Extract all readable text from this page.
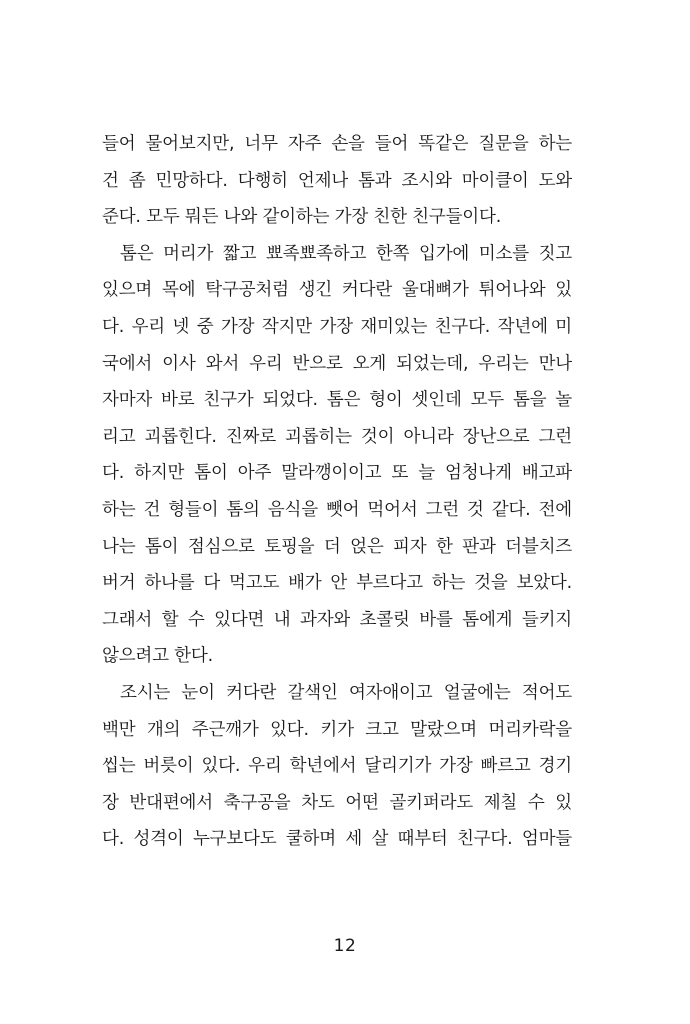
들어 물어보지만, 너무 자주 손을 들어 똑같은 질문을 하는
건 좀 민망하다. 다행히 언제나 톰과 조시와 마이클이 도와
준다. 모두 뭐든 나와 같이하는 가장 친한 친구들이다.
톰은 머리가 짧고 뾰족뾰족하고 한쪽 입가에 미소를 짓고
있으며 목에 탁구공처럼 생긴 커다란 울대뼈가 튀어나와 있
다. 우리 넷 중 가장 작지만 가장 재미있는 친구다. 작년에 미
국에서 이사 와서 우리 반으로 오게 되었는데, 우리는 만나
자마자 바로 친구가 되었다. 톰은 형이 셋인데 모두 톰을 놀
리고 괴롭힌다. 진짜로 괴롭히는 것이 아니라 장난으로 그런
다. 하지만 톰이 아주 말라깽이이고 또 늘 엄청나게 배고파
하는 건 형들이 톰의 음식을 뺏어 먹어서 그런 것 같다. 전에
나는 톰이 점심으로 토핑을 더 얹은 피자 한 판과 더블치즈
버거 하나를 다 먹고도 배가 안 부르다고 하는 것을 보았다.
그래서 할 수 있다면 내 과자와 초콜릿 바를 톰에게 들키지
않으려고 한다.
조시는 눈이 커다란 갈색인 여자애이고 얼굴에는 적어도
백만 개의 주근깨가 있다. 키가 크고 말랐으며 머리카락을
씹는 버릇이 있다. 우리 학년에서 달리기가 가장 빠르고 경기
장 반대편에서 축구공을 차도 어떤 골키퍼라도 제칠 수 있
다. 성격이 누구보다도 쿨하며 세 살 때부터 친구다. 엄마들
12
